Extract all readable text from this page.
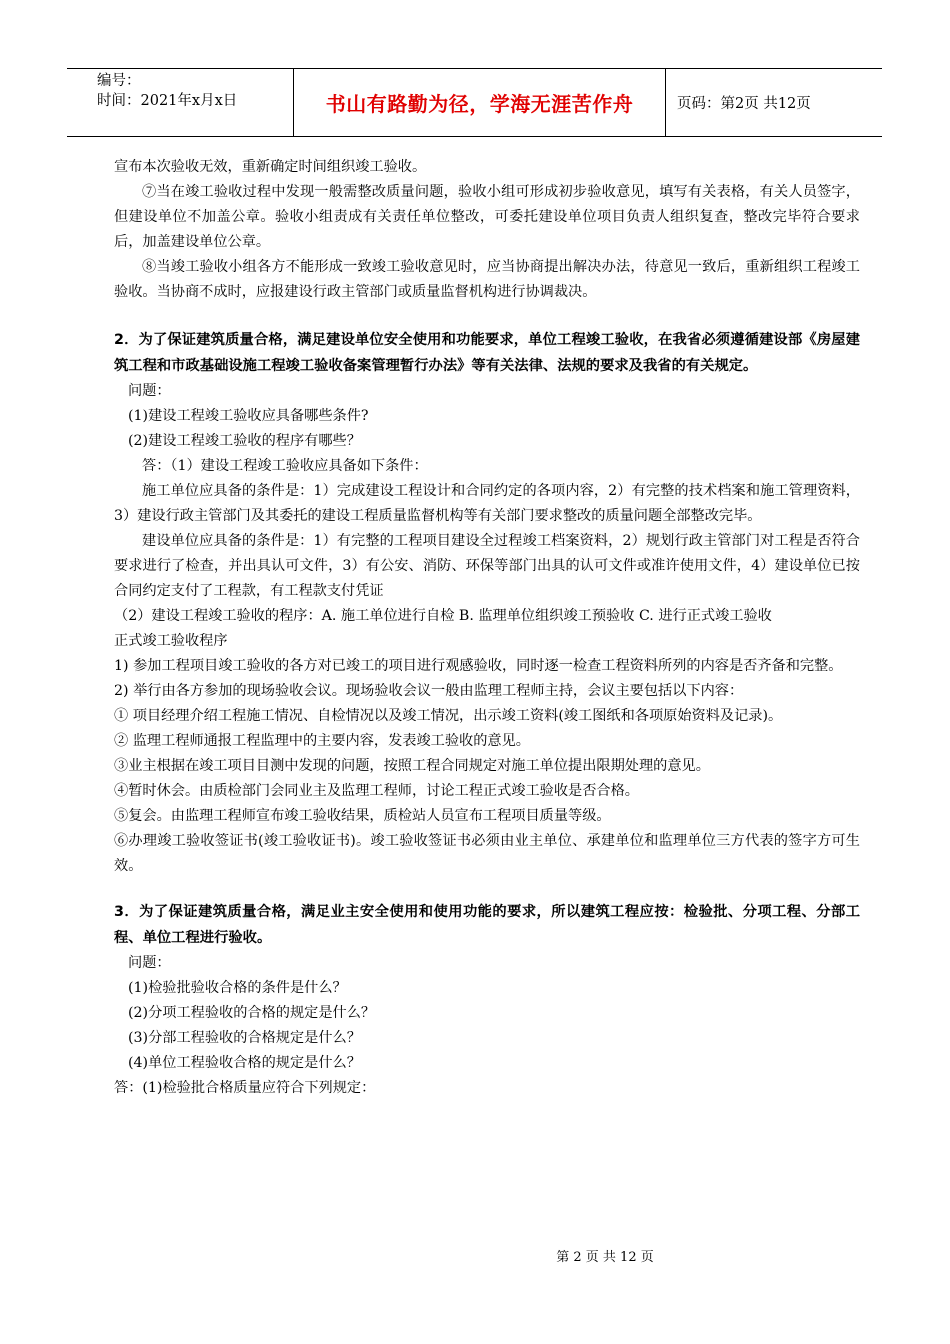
编号：
时间：2021年x月x日	书山有路勤为径，学海无涯苦作舟	页码：第2页 共12页
宣布本次验收无效，重新确定时间组织竣工验收。
⑦当在竣工验收过程中发现一般需整改质量问题，验收小组可形成初步验收意见，填写有关表格，有关人员签字，但建设单位不加盖公章。验收小组责成有关责任单位整改，可委托建设单位项目负责人组织复查，整改完毕符合要求后，加盖建设单位公章。
⑧当竣工验收小组各方不能形成一致竣工验收意见时，应当协商提出解决办法，待意见一致后，重新组织工程竣工验收。当协商不成时，应报建设行政主管部门或质量监督机构进行协调裁决。
2．为了保证建筑质量合格，满足建设单位安全使用和功能要求，单位工程竣工验收，在我省必须遵循建设部《房屋建筑工程和市政基础设施工程竣工验收备案管理暂行办法》等有关法律、法规的要求及我省的有关规定。
问题：
(1)建设工程竣工验收应具备哪些条件?
(2)建设工程竣工验收的程序有哪些？
答：（1）建设工程竣工验收应具备如下条件：
施工单位应具备的条件是：1）完成建设工程设计和合同约定的各项内容，2）有完整的技术档案和施工管理资料， 3）建设行政主管部门及其委托的建设工程质量监督机构等有关部门要求整改的质量问题全部整改完毕。
建设单位应具备的条件是：1）有完整的工程项目建设全过程竣工档案资料，2）规划行政主管部门对工程是否符合要求进行了检查，并出具认可文件，3）有公安、消防、环保等部门出具的认可文件或准许使用文件，4）建设单位已按合同约定支付了工程款，有工程款支付凭证
（2）建设工程竣工验收的程序：A. 施工单位进行自检 B. 监理单位组织竣工预验收 C. 进行正式竣工验收
正式竣工验收程序
1) 参加工程项目竣工验收的各方对已竣工的项目进行观感验收，同时逐一检查工程资料所列的内容是否齐备和完整。
2) 举行由各方参加的现场验收会议。现场验收会议一般由监理工程师主持，会议主要包括以下内容：
① 项目经理介绍工程施工情况、自检情况以及竣工情况，出示竣工资料(竣工图纸和各项原始资料及记录)。
② 监理工程师通报工程监理中的主要内容，发表竣工验收的意见。
③业主根据在竣工项目目测中发现的问题，按照工程合同规定对施工单位提出限期处理的意见。
④暂时休会。由质检部门会同业主及监理工程师，讨论工程正式竣工验收是否合格。
⑤复会。由监理工程师宣布竣工验收结果，质检站人员宣布工程项目质量等级。
⑥办理竣工验收签证书(竣工验收证书)。竣工验收签证书必须由业主单位、承建单位和监理单位三方代表的签字方可生效。
3．为了保证建筑质量合格，满足业主安全使用和使用功能的要求，所以建筑工程应按：检验批、分项工程、分部工程、单位工程进行验收。
问题：
(1)检验批验收合格的条件是什么？
(2)分项工程验收的合格的规定是什么？
(3)分部工程验收的合格规定是什么？
(4)单位工程验收合格的规定是什么？
答：(1)检验批合格质量应符合下列规定：
第 2 页 共 12 页
